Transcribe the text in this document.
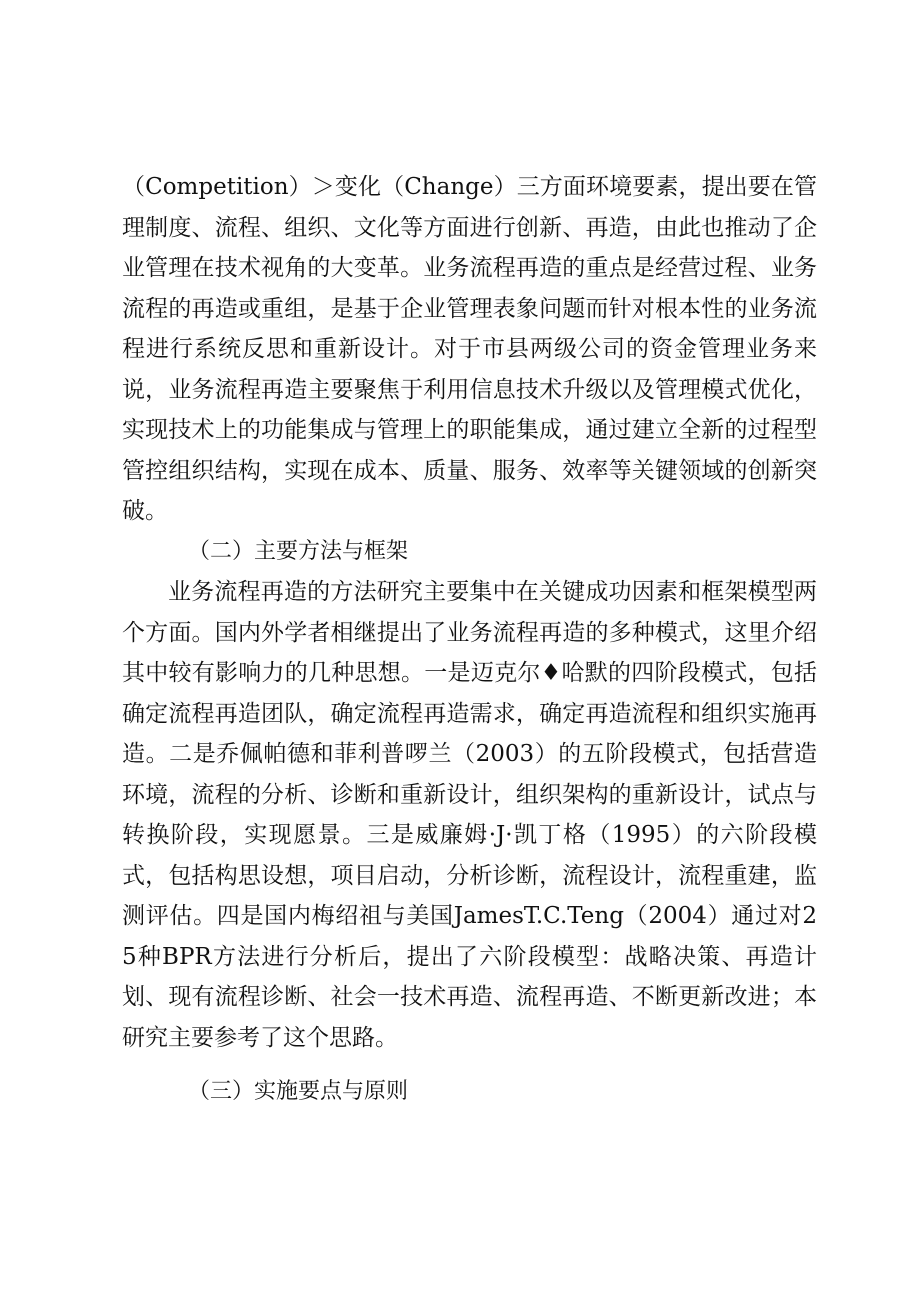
（Competition）＞变化（Change）三方面环境要素，提出要在管理制度、流程、组织、文化等方面进行创新、再造，由此也推动了企业管理在技术视角的大变革。业务流程再造的重点是经营过程、业务流程的再造或重组，是基于企业管理表象问题而针对根本性的业务流程进行系统反思和重新设计。对于市县两级公司的资金管理业务来说，业务流程再造主要聚焦于利用信息技术升级以及管理模式优化，实现技术上的功能集成与管理上的职能集成，通过建立全新的过程型管控组织结构，实现在成本、质量、服务、效率等关键领域的创新突破。

（二）主要方法与框架

业务流程再造的方法研究主要集中在关键成功因素和框架模型两个方面。国内外学者相继提出了业务流程再造的多种模式，这里介绍其中较有影响力的几种思想。一是迈克尔♦哈默的四阶段模式，包括确定流程再造团队，确定流程再造需求，确定再造流程和组织实施再造。二是乔佩帕德和菲利普啰兰（2003）的五阶段模式，包括营造环境，流程的分析、诊断和重新设计，组织架构的重新设计，试点与转换阶段，实现愿景。三是威廉姆·J·凯丁格（1995）的六阶段模式，包括构思设想，项目启动，分析诊断，流程设计，流程重建，监测评估。四是国内梅绍祖与美国JamesT.C.Teng（2004）通过对25种BPR方法进行分析后，提出了六阶段模型：战略决策、再造计划、现有流程诊断、社会一技术再造、流程再造、不断更新改进；本研究主要参考了这个思路。

（三）实施要点与原则
